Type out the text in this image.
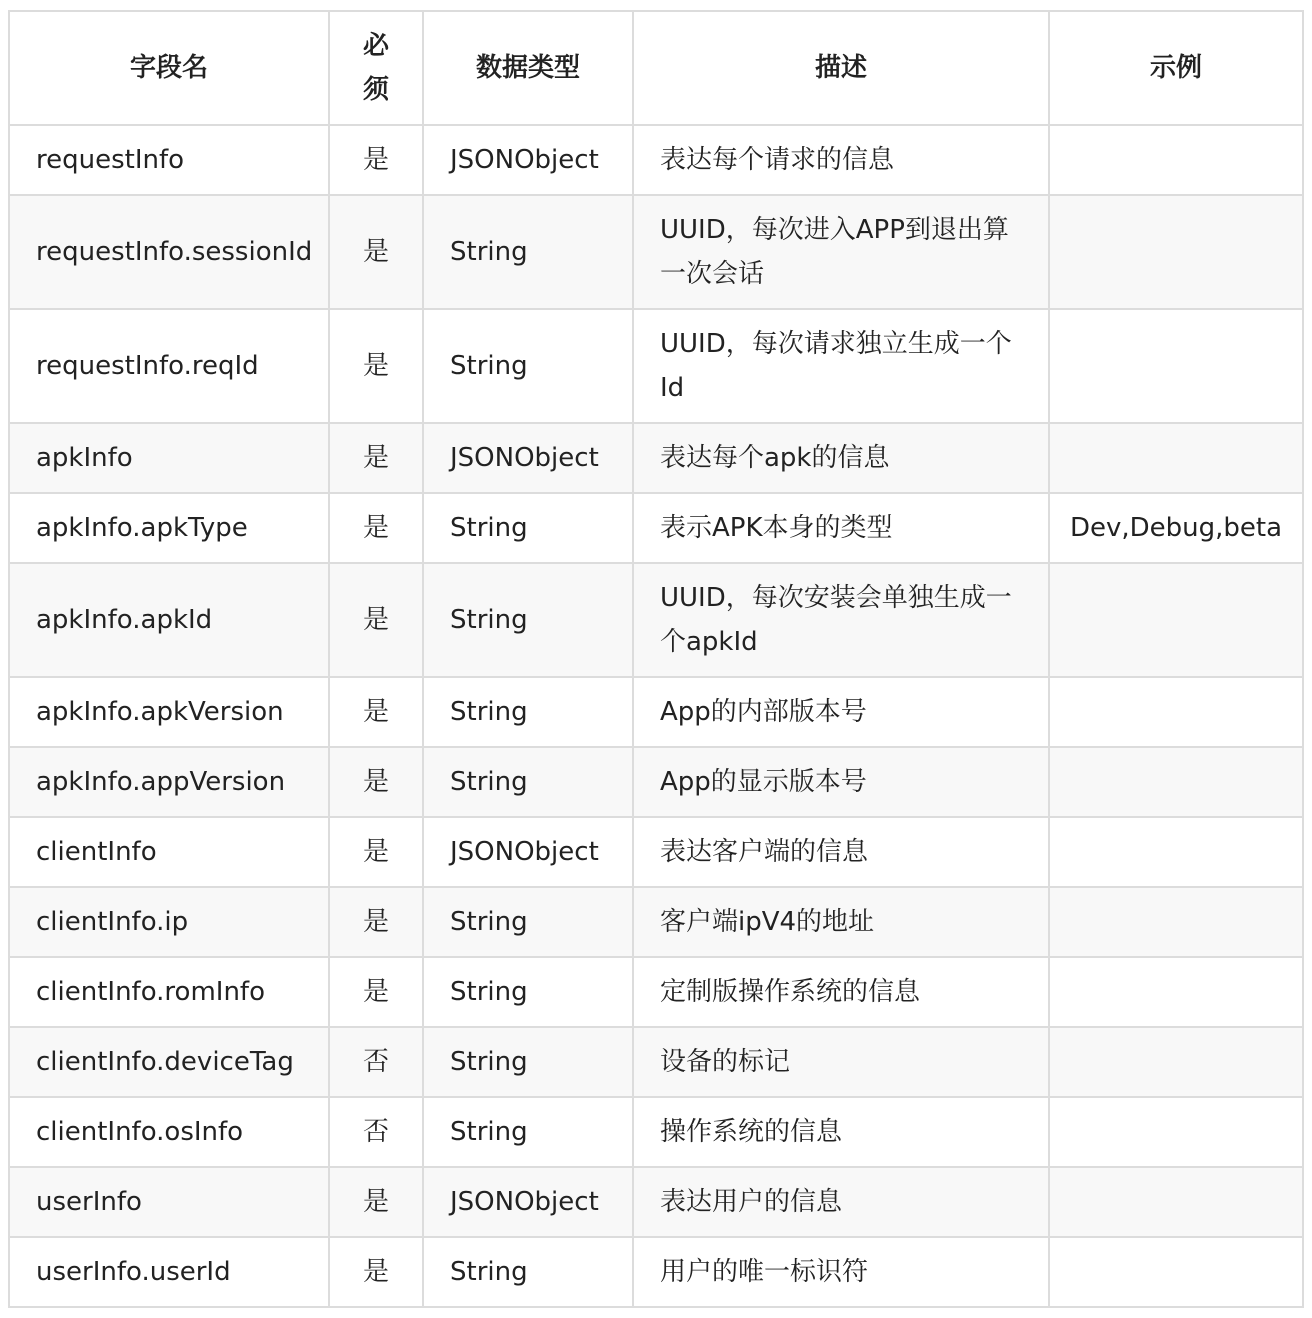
字段名	必须	数据类型	描述	示例
requestInfo	是	JSONObject	表达每个请求的信息	
requestInfo.sessionId	是	String	UUID，每次进入APP到退出算一次会话	
requestInfo.reqId	是	String	UUID，每次请求独立生成一个Id	
apkInfo	是	JSONObject	表达每个apk的信息	
apkInfo.apkType	是	String	表示APK本身的类型	Dev,Debug,beta
apkInfo.apkId	是	String	UUID，每次安装会单独生成一个apkId	
apkInfo.apkVersion	是	String	App的内部版本号	
apkInfo.appVersion	是	String	App的显示版本号	
clientInfo	是	JSONObject	表达客户端的信息	
clientInfo.ip	是	String	客户端ipV4的地址	
clientInfo.romInfo	是	String	定制版操作系统的信息	
clientInfo.deviceTag	否	String	设备的标记	
clientInfo.osInfo	否	String	操作系统的信息	
userInfo	是	JSONObject	表达用户的信息	
userInfo.userId	是	String	用户的唯一标识符	
